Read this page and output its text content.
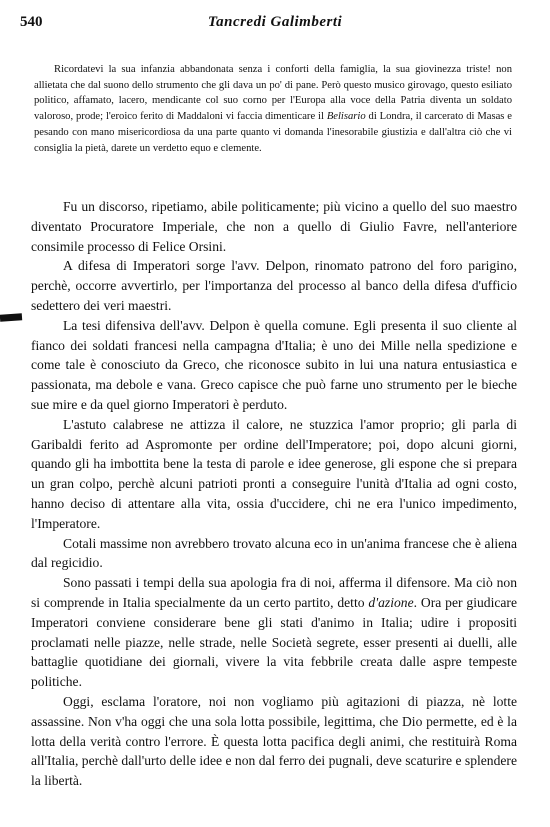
540	Tancredi Galimberti

Ricordatevi la sua infanzia abbandonata senza i conforti della famiglia, la sua giovinezza triste! non allietata che dal suono dello strumento che gli dava un po' di pane. Però questo musico girovago, questo esiliato politico, affamato, lacero, mendicante col suo corno per l'Europa alla voce della Patria diventa un soldato valoroso, prode; l'eroico ferito di Maddaloni vi faccia dimenticare il Belisario di Londra, il carcerato di Masas e pesando con mano misericordiosa da una parte quanto vi domanda l'inesorabile giustizia e dall'altra ciò che vi consiglia la pietà, darete un verdetto equo e clemente.

Fu un discorso, ripetiamo, abile politicamente; più vicino a quello del suo maestro diventato Procuratore Imperiale, che non a quello di Giulio Favre, nell'anteriore consimile processo di Felice Orsini.

A difesa di Imperatori sorge l'avv. Delpon, rinomato patrono del foro parigino, perchè, occorre avvertirlo, per l'importanza del processo al banco della difesa d'ufficio sedettero dei veri maestri.

La tesi difensiva dell'avv. Delpon è quella comune. Egli presenta il suo cliente al fianco dei soldati francesi nella campagna d'Italia; è uno dei Mille nella spedizione e come tale è conosciuto da Greco, che riconosce subito in lui una natura entusiastica e passionata, ma debole e vana. Greco capisce che può farne uno strumento per le bieche sue mire e da quel giorno Imperatori è perduto.

L'astuto calabrese ne attizza il calore, ne stuzzica l'amor proprio; gli parla di Garibaldi ferito ad Aspromonte per ordine dell'Imperatore; poi, dopo alcuni giorni, quando gli ha imbottita bene la testa di parole e idee generose, gli espone che si prepara un gran colpo, perchè alcuni patrioti pronti a conseguire l'unità d'Italia ad ogni costo, hanno deciso di attentare alla vita, ossia d'uccidere, chi ne era l'unico impedimento, l'Imperatore.

Cotali massime non avrebbero trovato alcuna eco in un'anima francese che è aliena dal regicidio.

Sono passati i tempi della sua apologia fra di noi, afferma il difensore. Ma ciò non si comprende in Italia specialmente da un certo partito, detto d'azione. Ora per giudicare Imperatori conviene considerare bene gli stati d'animo in Italia; udire i propositi proclamati nelle piazze, nelle strade, nelle Società segrete, esser presenti ai duelli, alle battaglie quotidiane dei giornali, vivere la vita febbrile creata dalle aspre tempeste politiche.

Oggi, esclama l'oratore, noi non vogliamo più agitazioni di piazza, nè lotte assassine. Non v'ha oggi che una sola lotta possibile, legittima, che Dio permette, ed è la lotta della verità contro l'errore. È questa lotta pacifica degli animi, che restituirà Roma all'Italia, perchè dall'urto delle idee e non dal ferro dei pugnali, deve scaturire e splendere la libertà.
